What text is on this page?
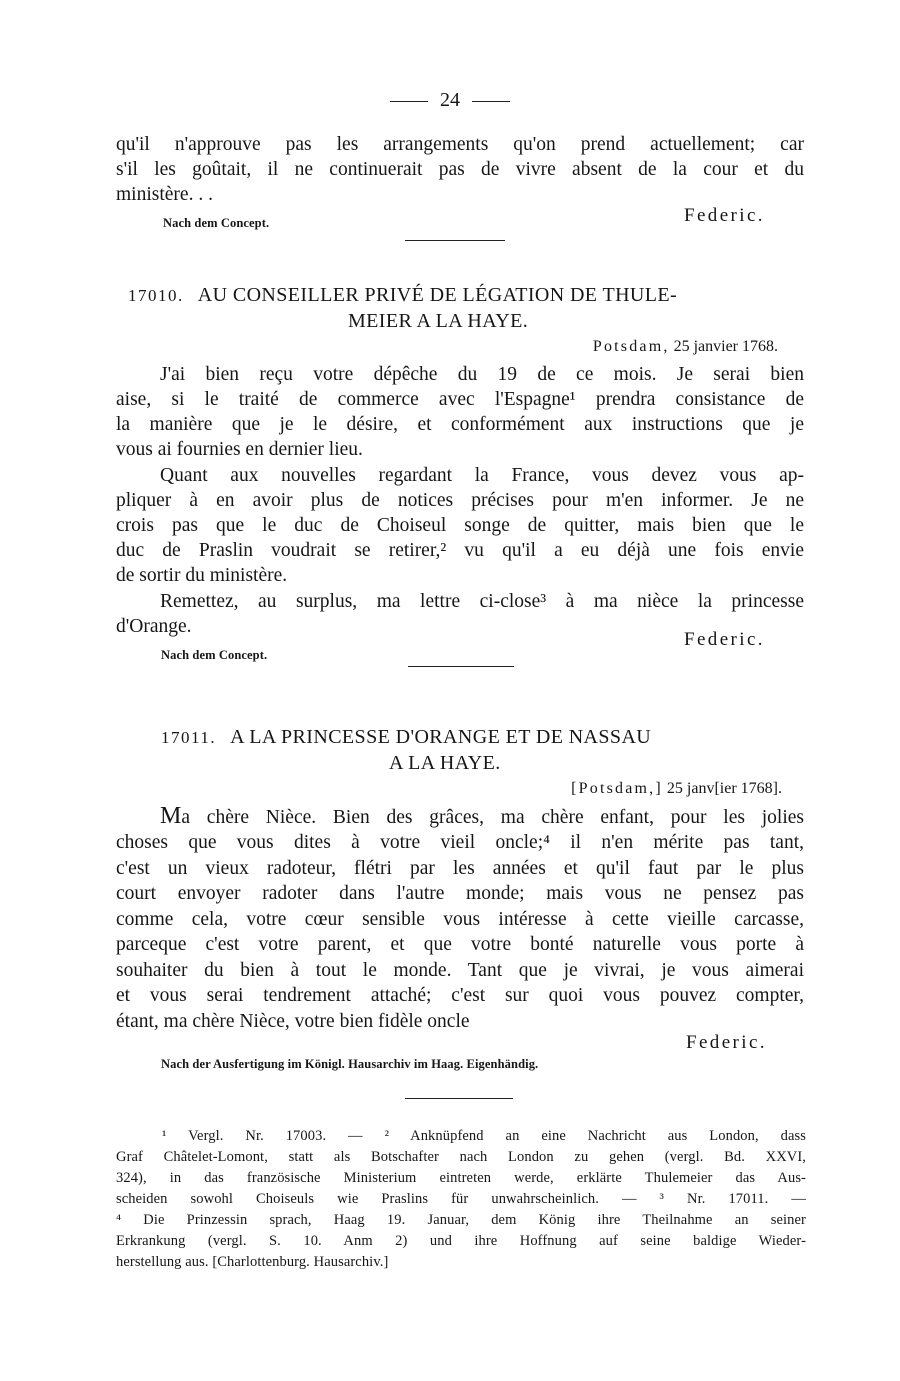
24
qu'il n'approuve pas les arrangements qu'on prend actuellement; car
s'il les goûtait, il ne continuerait pas de vivre absent de la cour et du
ministère. . .
Federic.
Nach dem Concept.
17010. AU CONSEILLER PRIVÉ DE LÉGATION DE THULE-
MEIER A LA HAYE.
Potsdam, 25 janvier 1768.
J'ai bien reçu votre dépêche du 19 de ce mois. Je serai bien
aise, si le traité de commerce avec l'Espagne¹ prendra consistance de
la manière que je le désire, et conformément aux instructions que je
vous ai fournies en dernier lieu.
Quant aux nouvelles regardant la France, vous devez vous ap-
pliquer à en avoir plus de notices précises pour m'en informer. Je ne
crois pas que le duc de Choiseul songe de quitter, mais bien que le
duc de Praslin voudrait se retirer,² vu qu'il a eu déjà une fois envie
de sortir du ministère.
Remettez, au surplus, ma lettre ci-close³ à ma nièce la princesse
d'Orange.
Federic.
Nach dem Concept.
17011. A LA PRINCESSE D'ORANGE ET DE NASSAU
A LA HAYE.
[Potsdam,] 25 janv[ier 1768].
Ma chère Nièce. Bien des grâces, ma chère enfant, pour les jolies
choses que vous dites à votre vieil oncle;⁴ il n'en mérite pas tant,
c'est un vieux radoteur, flétri par les années et qu'il faut par le plus
court envoyer radoter dans l'autre monde; mais vous ne pensez pas
comme cela, votre cœur sensible vous intéresse à cette vieille carcasse,
parceque c'est votre parent, et que votre bonté naturelle vous porte à
souhaiter du bien à tout le monde. Tant que je vivrai, je vous aimerai
et vous serai tendrement attaché; c'est sur quoi vous pouvez compter,
étant, ma chère Nièce, votre bien fidèle oncle
Federic.
Nach der Ausfertigung im Königl. Hausarchiv im Haag. Eigenhändig.
¹ Vergl. Nr. 17003. — ² Anknüpfend an eine Nachricht aus London, dass
Graf Châtelet-Lomont, statt als Botschafter nach London zu gehen (vergl. Bd. XXVI,
324), in das französische Ministerium eintreten werde, erklärte Thulemeier das Aus-
scheiden sowohl Choiseuls wie Praslins für unwahrscheinlich. — ³ Nr. 17011. —
⁴ Die Prinzessin sprach, Haag 19. Januar, dem König ihre Theilnahme an seiner
Erkrankung (vergl. S. 10. Anm 2) und ihre Hoffnung auf seine baldige Wieder-
herstellung aus. [Charlottenburg. Hausarchiv.]
